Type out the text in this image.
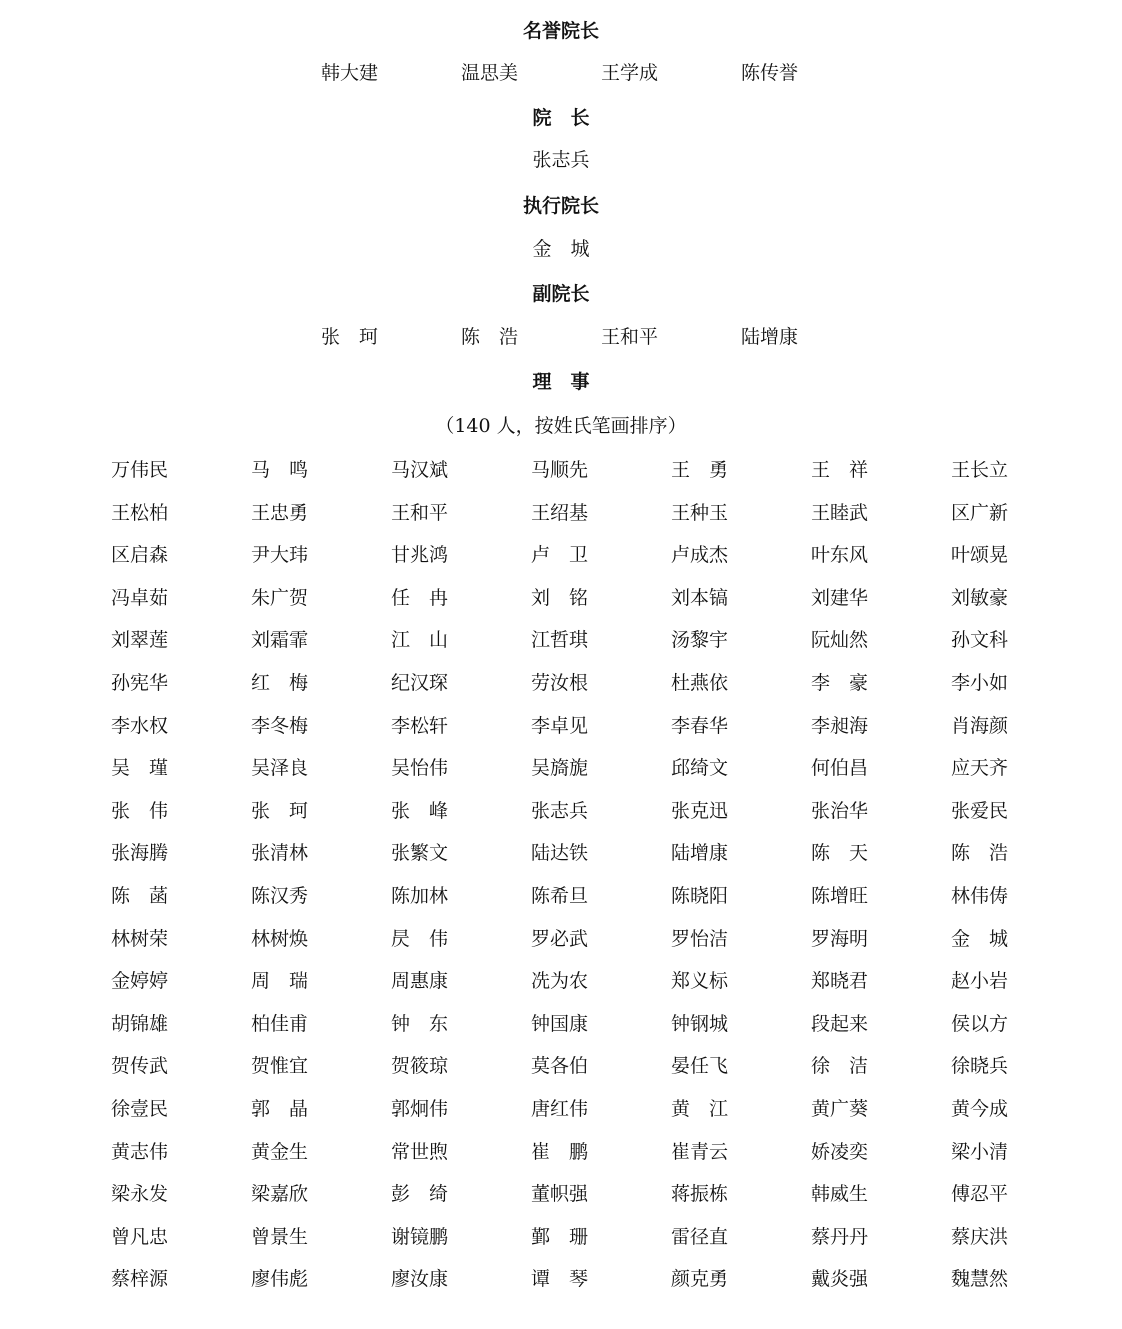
名誉院长
韩大建	温思美	王学成	陈传誉
院　长
张志兵
执行院长
金　城
副院长
张　珂	陈　浩	王和平	陆增康
理　事
（140 人，按姓氏笔画排序）
万伟民	马　鸣	马汉斌	马顺先	王　勇	王　祥	王长立
王松柏	王忠勇	王和平	王绍基	王种玉	王睦武	区广新
区启森	尹大玮	甘兆鸿	卢　卫	卢成杰	叶东风	叶颂晃
冯卓茹	朱广贺	任　冉	刘　铭	刘本镐	刘建华	刘敏豪
刘翠莲	刘霜霏	江　山	江哲琪	汤黎宇	阮灿然	孙文科
孙宪华	红　梅	纪汉琛	劳汝根	杜燕依	李　豪	李小如
李水权	李冬梅	李松轩	李卓见	李春华	李昶海	肖海颜
吴　瑾	吴泽良	吴怡伟	吴旖旎	邱绮文	何伯昌	应天齐
张　伟	张　珂	张　峰	张志兵	张克迅	张治华	张爱民
张海腾	张清林	张繁文	陆达铁	陆增康	陈　天	陈　浩
陈　菡	陈汉秀	陈加林	陈希旦	陈晓阳	陈增旺	林伟俦
林树荣	林树焕	昃　伟	罗必武	罗怡洁	罗海明	金　城
金婷婷	周　瑞	周惠康	冼为农	郑义标	郑晓君	赵小岩
胡锦雄	柏佳甫	钟　东	钟国康	钟钢城	段起来	侯以方
贺传武	贺惟宜	贺筱琼	莫各伯	晏任飞	徐　洁	徐晓兵
徐壹民	郭　晶	郭炯伟	唐红伟	黄　江	黄广葵	黄今成
黄志伟	黄金生	常世煦	崔　鹏	崔青云	娇凌奕	梁小清
梁永发	梁嘉欣	彭　绮	董帜强	蒋振栋	韩威生	傅忍平
曾凡忠	曾景生	谢镜鹏	鄞　珊	雷径直	蔡丹丹	蔡庆洪
蔡梓源	廖伟彪	廖汝康	谭　琴	颜克勇	戴炎强	魏慧然
